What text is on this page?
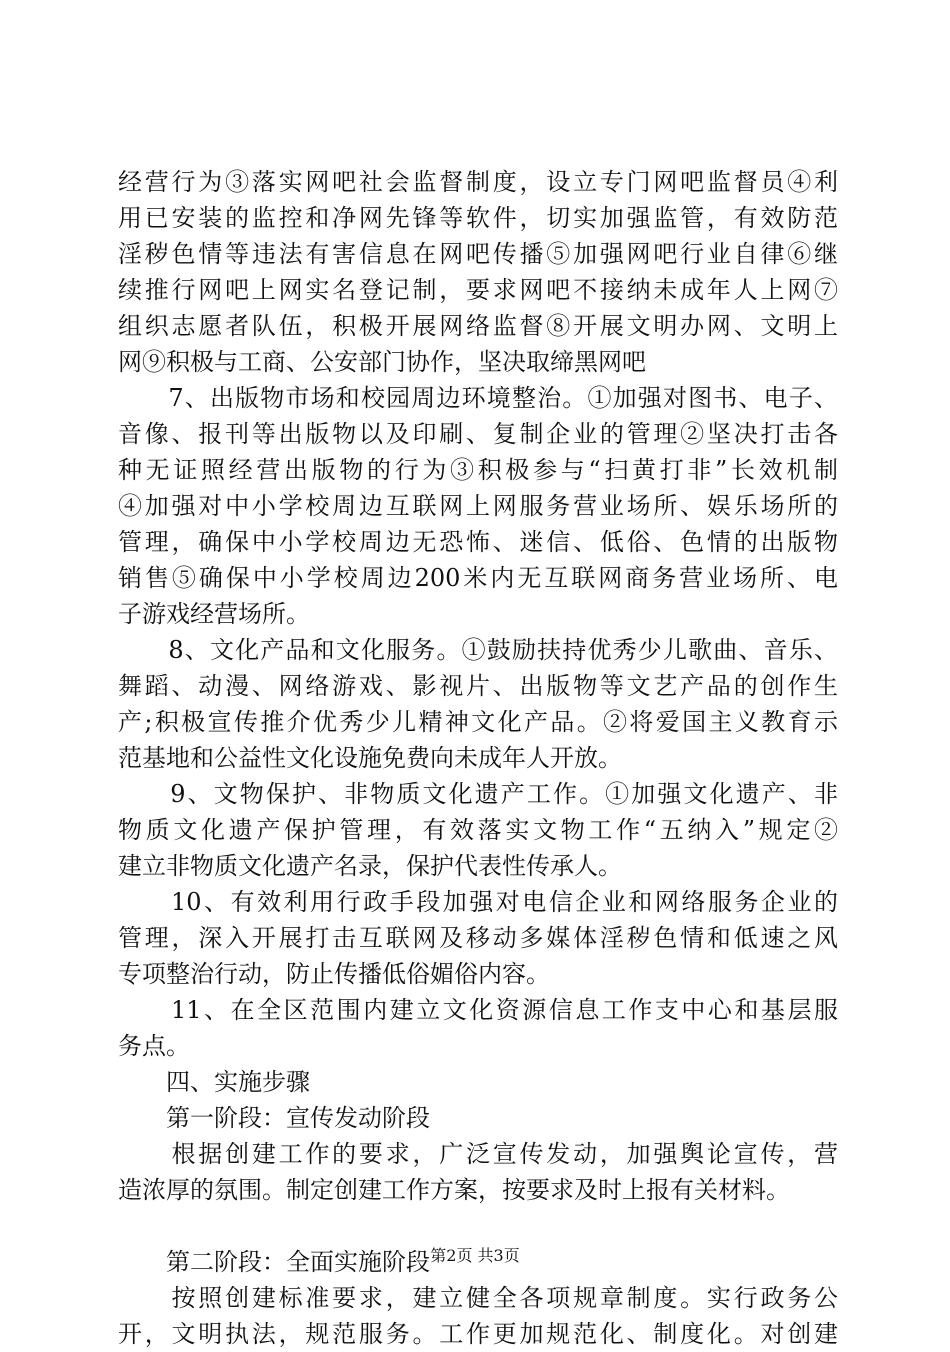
经营行为③落实网吧社会监督制度，设立专门网吧监督员④利
用已安装的监控和净网先锋等软件，切实加强监管，有效防范
淫秽色情等违法有害信息在网吧传播⑤加强网吧行业自律⑥继
续推行网吧上网实名登记制，要求网吧不接纳未成年人上网⑦
组织志愿者队伍，积极开展网络监督⑧开展文明办网、文明上
网⑨积极与工商、公安部门协作，坚决取缔黑网吧
　　7、出版物市场和校园周边环境整治。①加强对图书、电子、
音像、报刊等出版物以及印刷、复制企业的管理②坚决打击各
种无证照经营出版物的行为③积极参与“扫黄打非”长效机制
④加强对中小学校周边互联网上网服务营业场所、娱乐场所的
管理，确保中小学校周边无恐怖、迷信、低俗、色情的出版物
销售⑤确保中小学校周边200米内无互联网商务营业场所、电
子游戏经营场所。
　　8、文化产品和文化服务。①鼓励扶持优秀少儿歌曲、音乐、
舞蹈、动漫、网络游戏、影视片、出版物等文艺产品的创作生
产;积极宣传推介优秀少儿精神文化产品。②将爱国主义教育示
范基地和公益性文化设施免费向未成年人开放。
　　9、文物保护、非物质文化遗产工作。①加强文化遗产、非
物质文化遗产保护管理，有效落实文物工作“五纳入”规定②
建立非物质文化遗产名录，保护代表性传承人。
　　10、有效利用行政手段加强对电信企业和网络服务企业的
管理，深入开展打击互联网及移动多媒体淫秽色情和低速之风
专项整治行动，防止传播低俗媚俗内容。
　　11、在全区范围内建立文化资源信息工作支中心和基层服
务点。
　　四、实施步骤
　　第一阶段：宣传发动阶段
　　根据创建工作的要求，广泛宣传发动，加强舆论宣传，营
造浓厚的氛围。制定创建工作方案，按要求及时上报有关材料。
　　第二阶段：全面实施阶段
　　按照创建标准要求，建立健全各项规章制度。实行政务公
开，文明执法，规范服务。工作更加规范化、制度化。对创建
第2页 共3页
